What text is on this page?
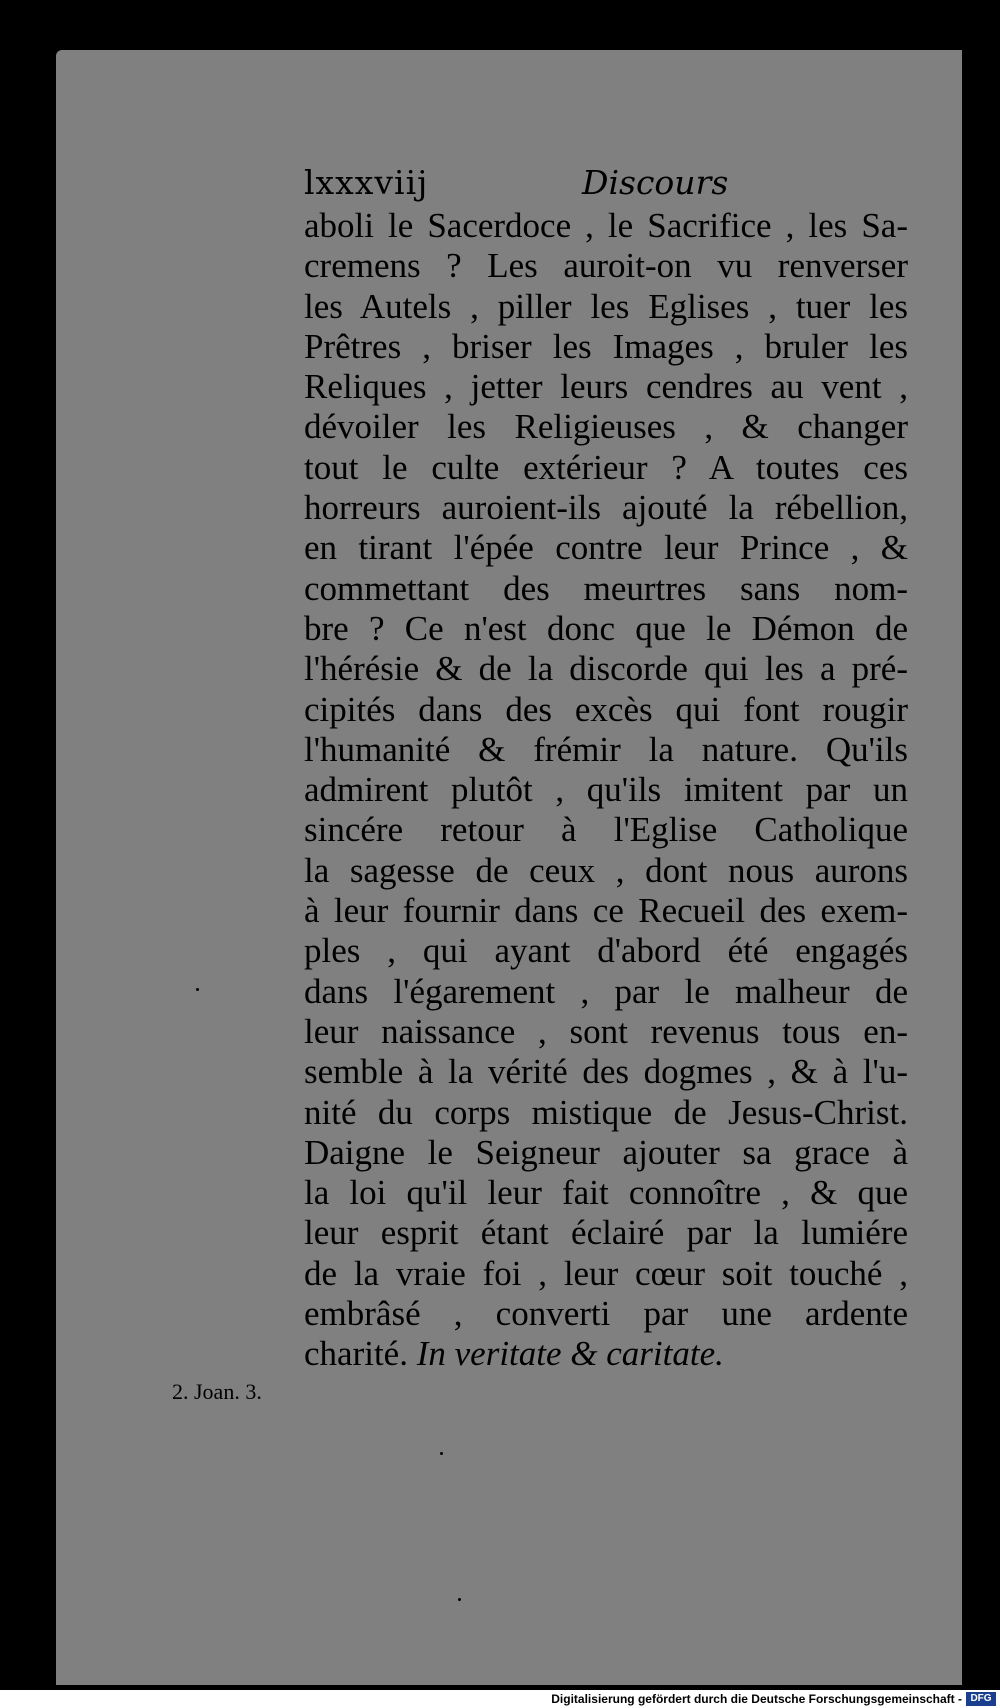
lxxxviij	Discours
aboli le Sacerdoce , le Sacrifice , les Sa-
cremens ? Les auroit-on vu renverser
les Autels , piller les Eglises , tuer les
Prêtres , briser les Images , bruler les
Reliques , jetter leurs cendres au vent ,
dévoiler les Religieuses , & changer
tout le culte extérieur ? A toutes ces
horreurs auroient-ils ajouté la rébellion,
en tirant l'épée contre leur Prince , &
commettant des meurtres sans nom-
bre ? Ce n'est donc que le Démon de
l'hérésie & de la discorde qui les a pré-
cipités dans des excès qui font rougir
l'humanité & frémir la nature. Qu'ils
admirent plutôt , qu'ils imitent par un
sincére retour à l'Eglise Catholique
la sagesse de ceux , dont nous aurons
à leur fournir dans ce Recueil des exem-
ples , qui ayant d'abord été engagés
dans l'égarement , par le malheur de
leur naissance , sont revenus tous en-
semble à la vérité des dogmes , & à l'u-
nité du corps mistique de Jesus-Christ.
Daigne le Seigneur ajouter sa grace à
la loi qu'il leur fait connoître , & que
leur esprit étant éclairé par la lumiére
de la vraie foi , leur cœur soit touché ,
embrâsé , converti par une ardente
charité. In veritate & caritate.
2. Joan. 3.
Digitalisierung gefördert durch die Deutsche Forschungsgemeinschaft - DFG
